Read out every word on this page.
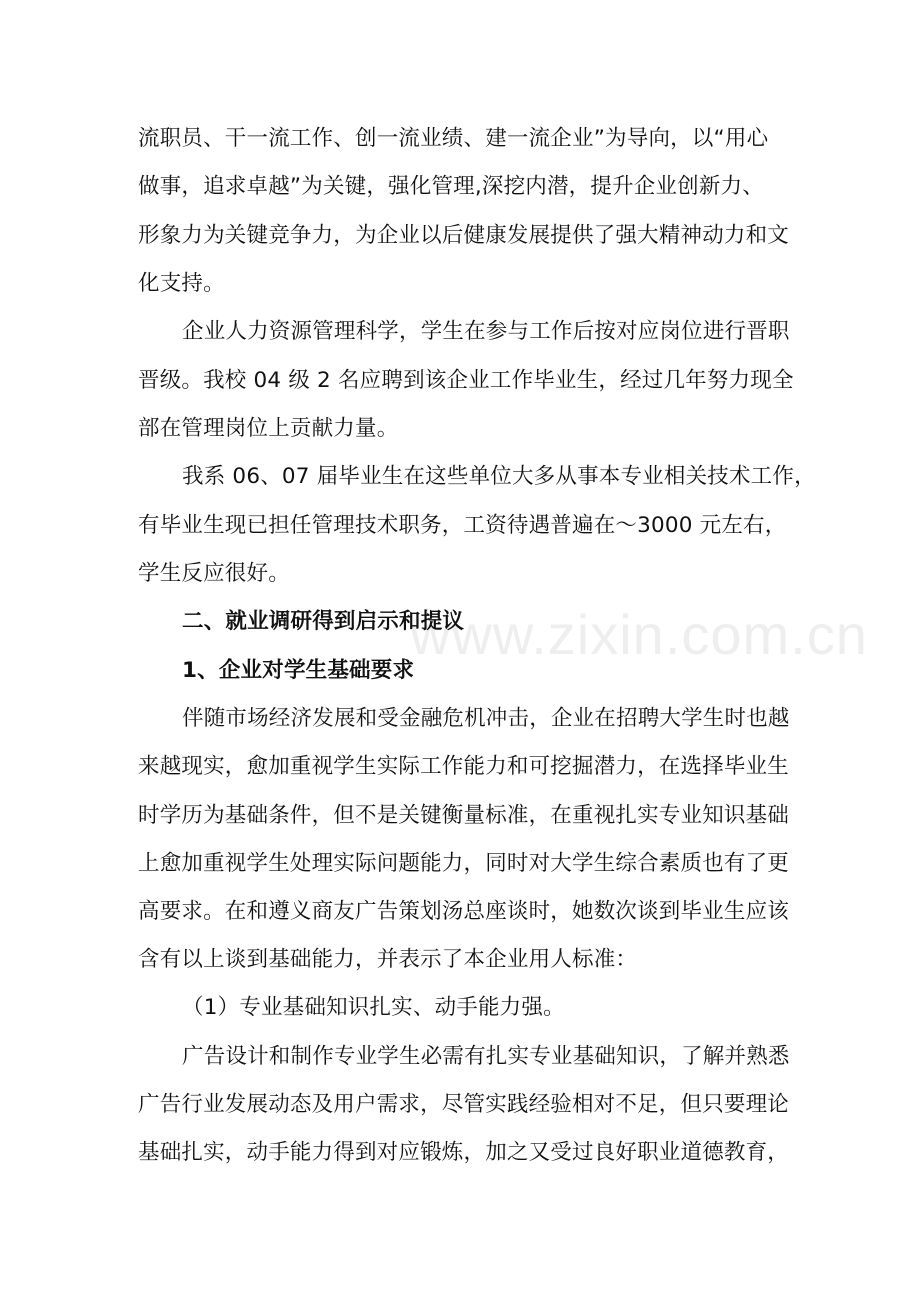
www.zixin.com.cn
流职员、干一流工作、创一流业绩、建一流企业”为导向，以“用心
做事，追求卓越”为关键，强化管理,深挖内潜，提升企业创新力、
形象力为关键竞争力，为企业以后健康发展提供了强大精神动力和文
化支持。
企业人力资源管理科学，学生在参与工作后按对应岗位进行晋职
晋级。我校 04 级 2 名应聘到该企业工作毕业生，经过几年努力现全
部在管理岗位上贡献力量。
我系 06、07 届毕业生在这些单位大多从事本专业相关技术工作，
有毕业生现已担任管理技术职务，工资待遇普遍在～3000 元左右，
学生反应很好。
二、就业调研得到启示和提议
1、企业对学生基础要求
伴随市场经济发展和受金融危机冲击，企业在招聘大学生时也越
来越现实，愈加重视学生实际工作能力和可挖掘潜力，在选择毕业生
时学历为基础条件，但不是关键衡量标准，在重视扎实专业知识基础
上愈加重视学生处理实际问题能力，同时对大学生综合素质也有了更
高要求。在和遵义商友广告策划汤总座谈时，她数次谈到毕业生应该
含有以上谈到基础能力，并表示了本企业用人标准：
（1）专业基础知识扎实、动手能力强。
广告设计和制作专业学生必需有扎实专业基础知识，了解并熟悉
广告行业发展动态及用户需求，尽管实践经验相对不足，但只要理论
基础扎实，动手能力得到对应锻炼，加之又受过良好职业道德教育，
